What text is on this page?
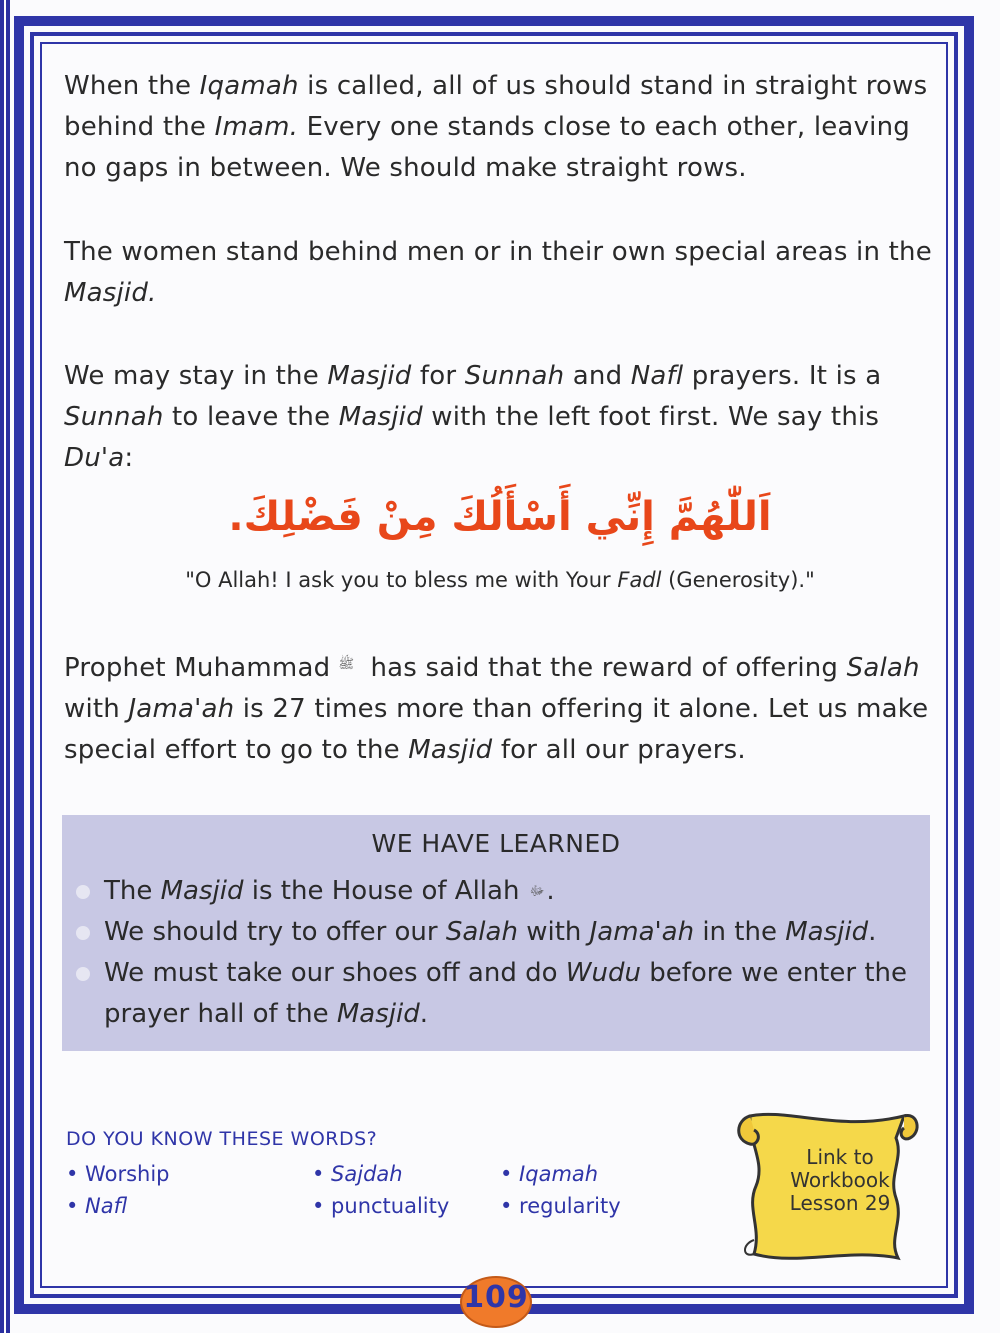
When the Iqamah is called, all of us should stand in straight rows behind the Imam. Every one stands close to each other, leaving no gaps in between. We should make straight rows.

The women stand behind men or in their own special areas in the Masjid.

We may stay in the Masjid for Sunnah and Nafl prayers. It is a Sunnah to leave the Masjid with the left foot first. We say this Du'a:

اَللّٰهُمَّ إِنِّي أَسْأَلُكَ مِنْ فَضْلِكَ.
"O Allah! I ask you to bless me with Your Fadl (Generosity)."

Prophet Muhammad ﷺ has said that the reward of offering Salah with Jama'ah is 27 times more than offering it alone. Let us make special effort to go to the Masjid for all our prayers.

WE HAVE LEARNED
The Masjid is the House of Allah ﷻ.
We should try to offer our Salah with Jama'ah in the Masjid.
We must take our shoes off and do Wudu before we enter the prayer hall of the Masjid.
DO YOU KNOW THESE WORDS?
• Worship
• Nafl
• Sajdah
• punctuality
• Iqamah
• regularity
Link to
Workbook
Lesson 29
109
